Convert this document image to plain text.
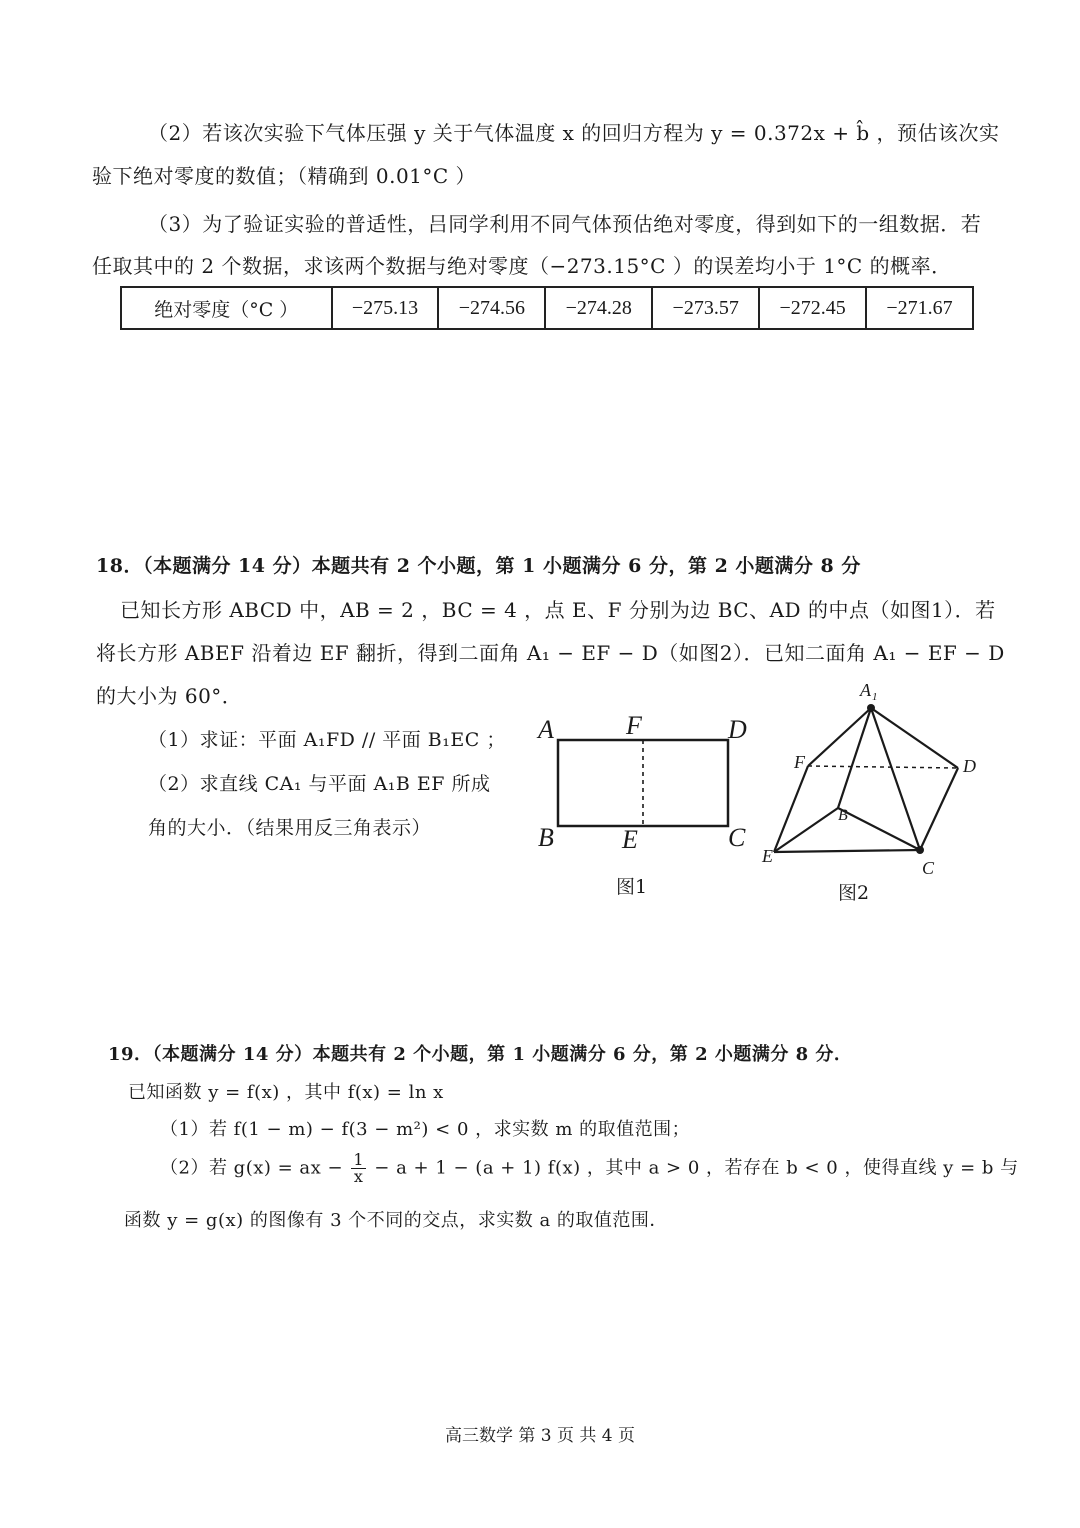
（2）若该次实验下气体压强 y 关于气体温度 x 的回归方程为 y = 0.372x + b̂ ，预估该次实
验下绝对零度的数值；（精确到 0.01°C ）
（3）为了验证实验的普适性，吕同学利用不同气体预估绝对零度，得到如下的一组数据．若
任取其中的 2 个数据，求该两个数据与绝对零度（−273.15°C ）的误差均小于 1°C 的概率．
绝对零度（°C ）	−275.13	−274.56	−274.28	−273.57	−272.45	−271.67
18．（本题满分 14 分）本题共有 2 个小题，第 1 小题满分 6 分，第 2 小题满分 8 分
已知长方形 ABCD 中，AB = 2 ，BC = 4 ，点 E、F 分别为边 BC、AD 的中点（如图1）．若
将长方形 ABEF 沿着边 EF 翻折，得到二面角 A₁ − EF − D（如图2）．已知二面角 A₁ − EF − D
的大小为 60°．
（1）求证：平面 A₁FD // 平面 B₁EC ；
（2）求直线 CA₁ 与平面 A₁B EF 所成
角的大小．（结果用反三角表示）
A	F	D
B	E	C
图1
A 1
F	D
B
E
C
图2
19．（本题满分 14 分）本题共有 2 个小题，第 1 小题满分 6 分，第 2 小题满分 8 分．
已知函数 y = f(x) ，其中 f(x) = ln x
（1）若 f(1 − m) − f(3 − m²) < 0 ，求实数 m 的取值范围；
（2）若 g(x) = ax − $\frac{1}{x} - a + 1 - (a + 1)$ f(x) ，其中 a > 0 ，若存在 b < 0 ，使得直线 y = b 与
函数 y = g(x) 的图像有 3 个不同的交点，求实数 a 的取值范围．
高三数学 第 3 页 共 4 页
